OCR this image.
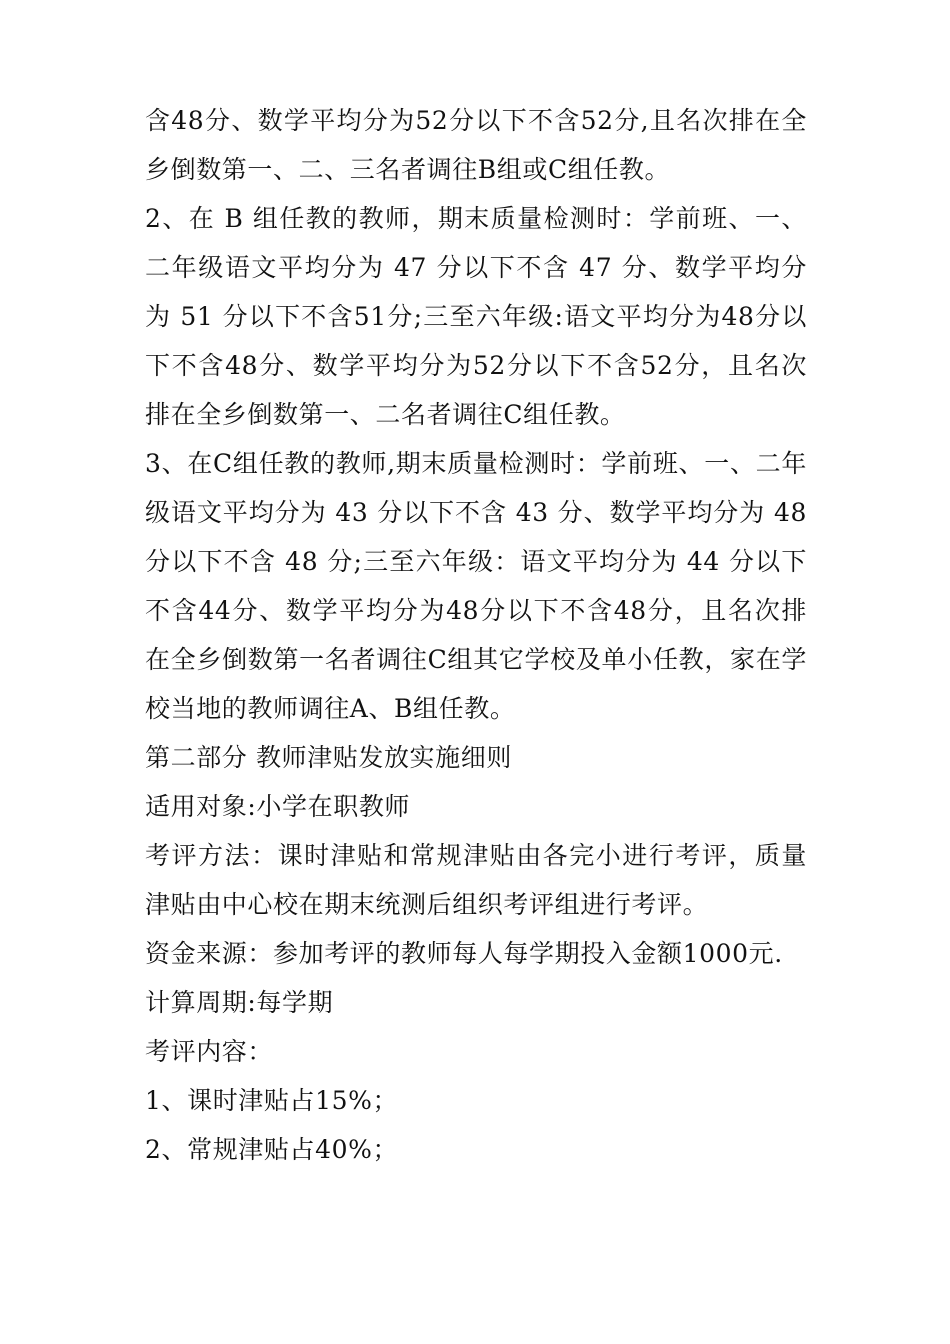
含48分、数学平均分为52分以下不含52分,且名次排在全乡倒数第一、二、三名者调往B组或C组任教。

2、在 B 组任教的教师，期末质量检测时：学前班、一、二年级语文平均分为 47 分以下不含 47 分、数学平均分为 51 分以下不含51分;三至六年级:语文平均分为48分以下不含48分、数学平均分为52分以下不含52分，且名次排在全乡倒数第一、二名者调往C组任教。

3、在C组任教的教师,期末质量检测时：学前班、一、二年级语文平均分为 43 分以下不含 43 分、数学平均分为 48 分以下不含 48 分;三至六年级：语文平均分为 44 分以下不含44分、数学平均分为48分以下不含48分，且名次排在全乡倒数第一名者调往C组其它学校及单小任教，家在学校当地的教师调往A、B组任教。

第二部分 教师津贴发放实施细则

适用对象:小学在职教师

考评方法：课时津贴和常规津贴由各完小进行考评，质量津贴由中心校在期末统测后组织考评组进行考评。

资金来源：参加考评的教师每人每学期投入金额1000元.

计算周期:每学期

考评内容：

1、课时津贴占15%；

2、常规津贴占40%；
